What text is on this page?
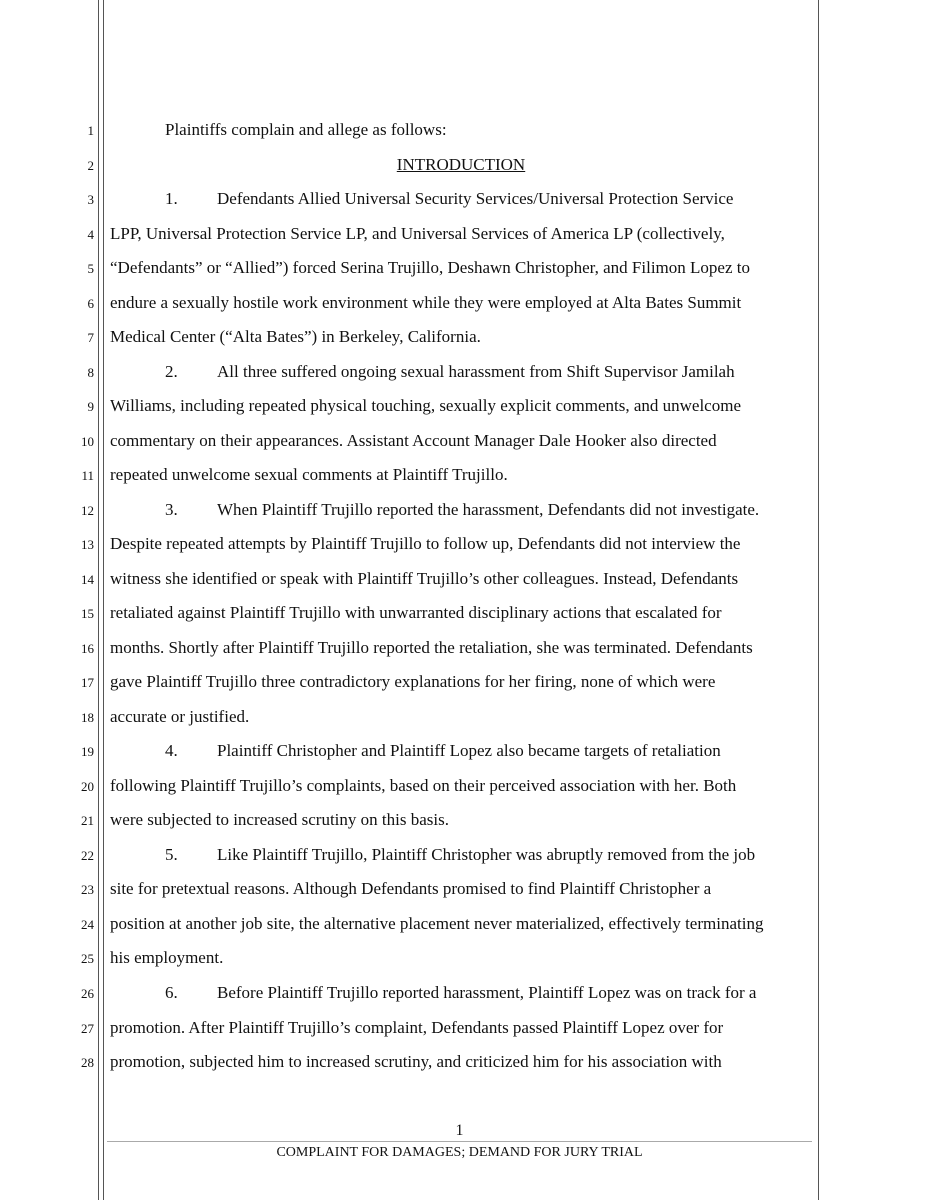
1
2
3
4
5
6
7
8
9
10
11
12
13
14
15
16
17
18
19
20
21
22
23
24
25
26
27
28
Plaintiffs complain and allege as follows:
INTRODUCTION
1. Defendants Allied Universal Security Services/Universal Protection Service
LPP, Universal Protection Service LP, and Universal Services of America LP (collectively,
“Defendants” or “Allied”) forced Serina Trujillo, Deshawn Christopher, and Filimon Lopez to
endure a sexually hostile work environment while they were employed at Alta Bates Summit
Medical Center (“Alta Bates”) in Berkeley, California.
2. All three suffered ongoing sexual harassment from Shift Supervisor Jamilah
Williams, including repeated physical touching, sexually explicit comments, and unwelcome
commentary on their appearances. Assistant Account Manager Dale Hooker also directed
repeated unwelcome sexual comments at Plaintiff Trujillo.
3. When Plaintiff Trujillo reported the harassment, Defendants did not investigate.
Despite repeated attempts by Plaintiff Trujillo to follow up, Defendants did not interview the
witness she identified or speak with Plaintiff Trujillo’s other colleagues. Instead, Defendants
retaliated against Plaintiff Trujillo with unwarranted disciplinary actions that escalated for
months. Shortly after Plaintiff Trujillo reported the retaliation, she was terminated. Defendants
gave Plaintiff Trujillo three contradictory explanations for her firing, none of which were
accurate or justified.
4. Plaintiff Christopher and Plaintiff Lopez also became targets of retaliation
following Plaintiff Trujillo’s complaints, based on their perceived association with her. Both
were subjected to increased scrutiny on this basis.
5. Like Plaintiff Trujillo, Plaintiff Christopher was abruptly removed from the job
site for pretextual reasons. Although Defendants promised to find Plaintiff Christopher a
position at another job site, the alternative placement never materialized, effectively terminating
his employment.
6. Before Plaintiff Trujillo reported harassment, Plaintiff Lopez was on track for a
promotion. After Plaintiff Trujillo’s complaint, Defendants passed Plaintiff Lopez over for
promotion, subjected him to increased scrutiny, and criticized him for his association with
1
COMPLAINT FOR DAMAGES; DEMAND FOR JURY TRIAL
